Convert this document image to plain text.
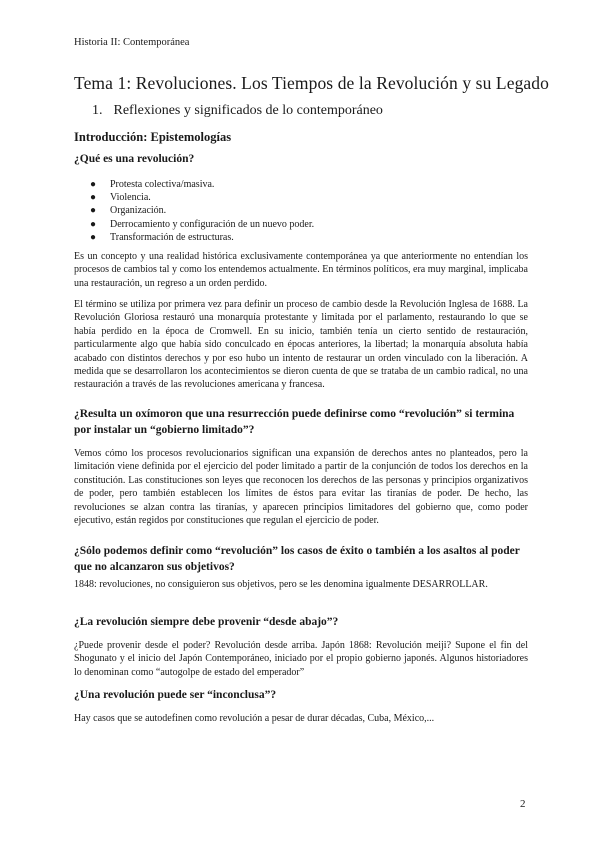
Historia II: Contemporánea
Tema 1: Revoluciones. Los Tiempos de la Revolución y su Legado
1. Reflexiones y significados de lo contemporáneo
Introducción: Epistemologías
¿Qué es una revolución?
● Protesta colectiva/masiva.
● Violencia.
● Organización.
● Derrocamiento y configuración de un nuevo poder.
● Transformación de estructuras.

Es un concepto y una realidad histórica exclusivamente contemporánea ya que anteriormente no entendían los procesos de cambios tal y como los entendemos actualmente. En términos políticos, era muy marginal, implicaba una restauración, un regreso a un orden perdido.

El término se utiliza por primera vez para definir un proceso de cambio desde la Revolución Inglesa de 1688. La Revolución Gloriosa restauró una monarquía protestante y limitada por el parlamento, restaurando lo que se había perdido en la época de Cromwell. En su inicio, también tenía un cierto sentido de restauración, particularmente algo que había sido conculcado en épocas anteriores, la libertad; la monarquía absoluta había acabado con distintos derechos y por eso hubo un intento de restaurar un orden vinculado con la liberación. A medida que se desarrollaron los acontecimientos se dieron cuenta de que se trataba de un cambio radical, no una restauración a través de las revoluciones americana y francesa.

¿Resulta un oxímoron que una resurrección puede definirse como “revolución” si termina por instalar un “gobierno limitado”?

Vemos cómo los procesos revolucionarios significan una expansión de derechos antes no planteados, pero la limitación viene definida por el ejercicio del poder limitado a partir de la conjunción de todos los derechos en la constitución. Las constituciones son leyes que reconocen los derechos de las personas y principios organizativos de poder, pero también establecen los límites de éstos para evitar las tiranías de poder. De hecho, las revoluciones se alzan contra las tiranías, y aparecen principios limitadores del gobierno que, como poder ejecutivo, están regidos por constituciones que regulan el ejercicio de poder.

¿Sólo podemos definir como “revolución” los casos de éxito o también a los asaltos al poder que no alcanzaron sus objetivos?

1848: revoluciones, no consiguieron sus objetivos, pero se les denomina igualmente DESARROLLAR.

¿La revolución siempre debe provenir “desde abajo”?

¿Puede provenir desde el poder? Revolución desde arriba. Japón 1868: Revolución meiji? Supone el fin del Shogunato y el inicio del Japón Contemporáneo, iniciado por el propio gobierno japonés. Algunos historiadores lo denominan como “autogolpe de estado del emperador”

¿Una revolución puede ser “inconclusa”?

Hay casos que se autodefinen como revolución a pesar de durar décadas, Cuba, México,...

2
